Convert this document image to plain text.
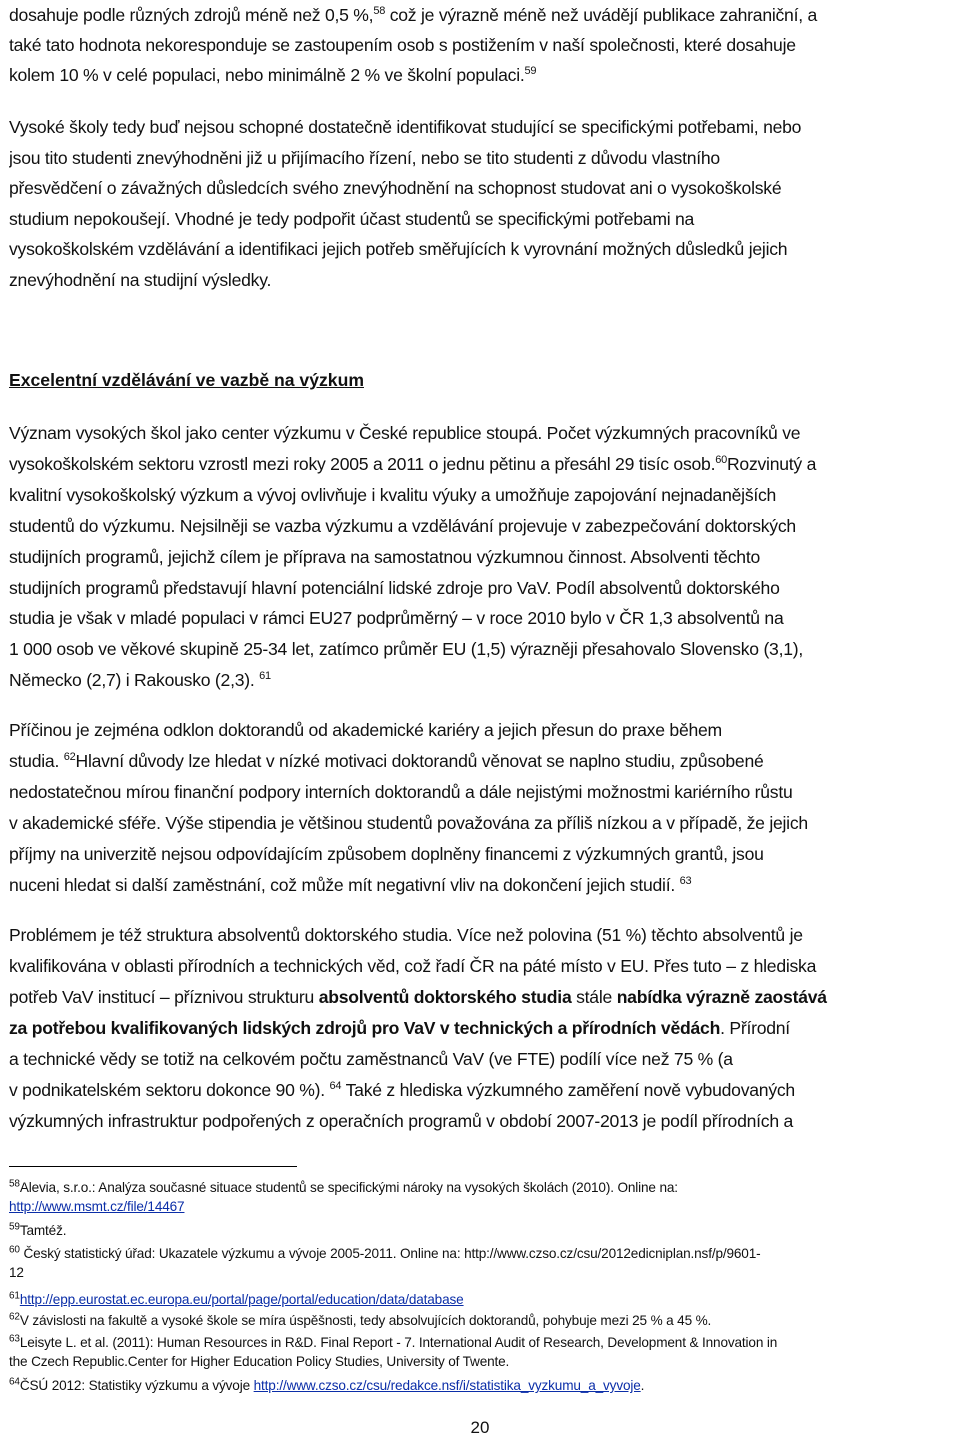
dosahuje podle různých zdrojů méně než 0,5 %,$^{58}$ což je výrazně méně než uvádějí publikace zahraniční, a
také tato hodnota nekoresponduje se zastoupením osob s postižením v naší společnosti, které dosahuje
kolem 10 % v celé populaci, nebo minimálně 2 % ve školní populaci.$^{59}$
Vysoké školy tedy buď nejsou schopné dostatečně identifikovat studující se specifickými potřebami, nebo
jsou tito studenti znevýhodněni již u přijímacího řízení, nebo se tito studenti z důvodu vlastního
přesvědčení o závažných důsledcích svého znevýhodnění na schopnost studovat ani o vysokoškolské
studium nepokoušejí. Vhodné je tedy podpořit účast studentů se specifickými potřebami na
vysokoškolském vzdělávání a identifikaci jejich potřeb směřujících k vyrovnání možných důsledků jejich
znevýhodnění na studijní výsledky.
Excelentní vzdělávání ve vazbě na výzkum
Význam vysokých škol jako center výzkumu v České republice stoupá. Počet výzkumných pracovníků ve
vysokoškolském sektoru vzrostl mezi roky 2005 a 2011 o jednu pětinu a přesáhl 29 tisíc osob.$^{60}$Rozvinutý a
kvalitní vysokoškolský výzkum a vývoj ovlivňuje i kvalitu výuky a umožňuje zapojování nejnadanějších
studentů do výzkumu. Nejsilněji se vazba výzkumu a vzdělávání projevuje v zabezpečování doktorských
studijních programů, jejichž cílem je příprava na samostatnou výzkumnou činnost. Absolventi těchto
studijních programů představují hlavní potenciální lidské zdroje pro VaV. Podíl absolventů doktorského
studia je však v mladé populaci v rámci EU27 podprůměrný – v roce 2010 bylo v ČR 1,3 absolventů na
1 000 osob ve věkové skupině 25-34 let, zatímco průměr EU (1,5) výrazněji přesahovalo Slovensko (3,1),
Německo (2,7) i Rakousko (2,3). $^{61}$
Příčinou je zejména odklon doktorandů od akademické kariéry a jejich přesun do praxe během
studia. $^{62}$Hlavní důvody lze hledat v nízké motivaci doktorandů věnovat se naplno studiu, způsobené
nedostatečnou mírou finanční podpory interních doktorandů a dále nejistými možnostmi kariérního růstu
v akademické sféře. Výše stipendia je většinou studentů považována za příliš nízkou a v případě, že jejich
příjmy na univerzitě nejsou odpovídajícím způsobem doplněny financemi z výzkumných grantů, jsou
nuceni hledat si další zaměstnání, což může mít negativní vliv na dokončení jejich studií. $^{63}$
Problémem je též struktura absolventů doktorského studia. Více než polovina (51 %) těchto absolventů je
kvalifikována v oblasti přírodních a technických věd, což řadí ČR na páté místo v EU. Přes tuto – z hlediska
potřeb VaV institucí – příznivou strukturu absolventů doktorského studia stále nabídka výrazně zaostává
za potřebou kvalifikovaných lidských zdrojů pro VaV v technických a přírodních vědách. Přírodní
a technické vědy se totiž na celkovém počtu zaměstnanců VaV (ve FTE) podílí více než 75 % (a
v podnikatelském sektoru dokonce 90 %). $^{64}$ Také z hlediska výzkumného zaměření nově vybudovaných
výzkumných infrastruktur podpořených z operačních programů v období 2007-2013 je podíl přírodních a
$^{58}$Alevia, s.r.o.: Analýza současné situace studentů se specifickými nároky na vysokých školách (2010). Online na:
http://www.msmt.cz/file/14467
$^{59}$Tamtéž.
$^{60}$ Český statistický úřad: Ukazatele výzkumu a vývoje 2005-2011. Online na: http://www.czso.cz/csu/2012edicniplan.nsf/p/9601-
12
$^{61}$http://epp.eurostat.ec.europa.eu/portal/page/portal/education/data/database
$^{62}$V závislosti na fakultě a vysoké škole se míra úspěšnosti, tedy absolvujících doktorandů, pohybuje mezi 25 % a 45 %.
$^{63}$Leisyte L. et al. (2011): Human Resources in R&D. Final Report - 7. International Audit of Research, Development & Innovation in
the Czech Republic.Center for Higher Education Policy Studies, University of Twente.
$^{64}$ČSÚ 2012: Statistiky výzkumu a vývoje http://www.czso.cz/csu/redakce.nsf/i/statistika_vyzkumu_a_vyvoje.
20
